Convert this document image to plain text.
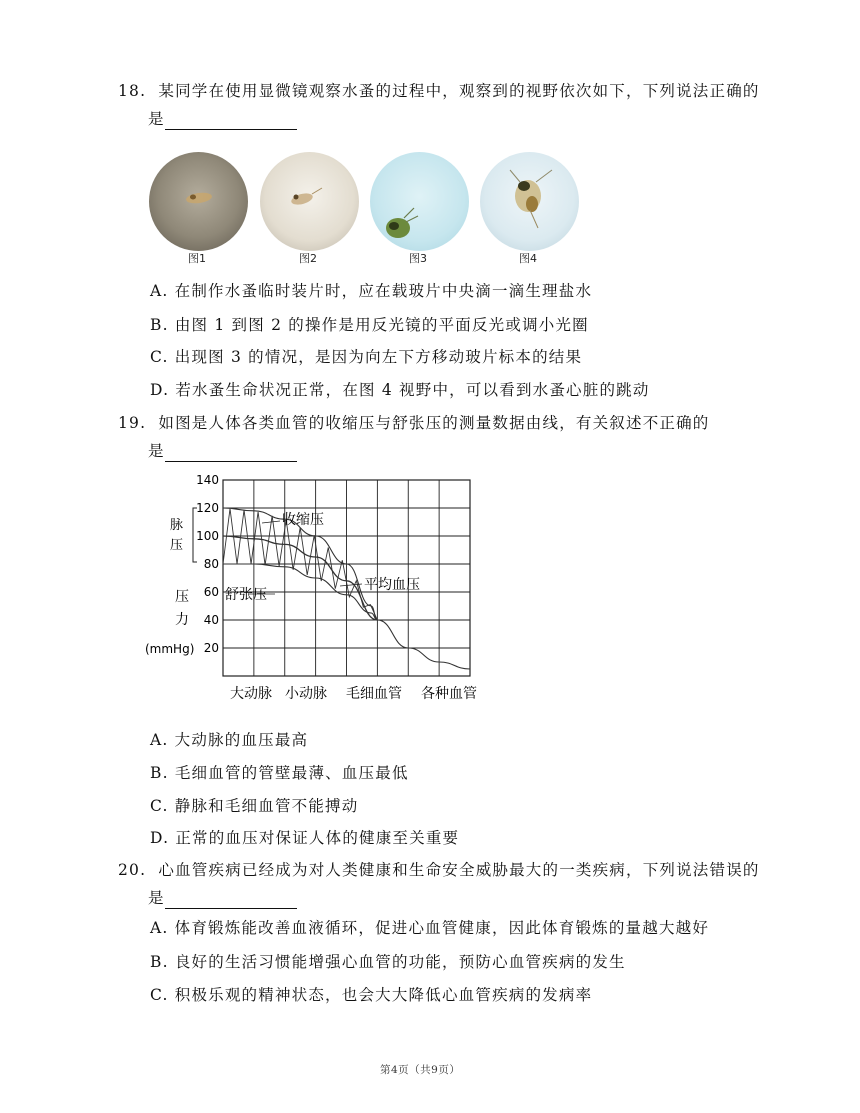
18. 某同学在使用显微镜观察水蚤的过程中，观察到的视野依次如下，下列说法正确的
是
图1	图2	图3	图4
A. 在制作水蚤临时装片时，应在载玻片中央滴一滴生理盐水
B. 由图 1 到图 2 的操作是用反光镜的平面反光或调小光圈
C. 出现图 3 的情况，是因为向左下方移动玻片标本的结果
D. 若水蚤生命状况正常，在图 4 视野中，可以看到水蚤心脏的跳动
19. 如图是人体各类血管的收缩压与舒张压的测量数据由线，有关叙述不正确的
是
140
120
100
80
60
40
20
脉
压
压
力
(mmHg)
收缩压
舒张压
平均血压
大动脉 小动脉 毛细血管 各种血管
A. 大动脉的血压最高
B. 毛细血管的管壁最薄、血压最低
C. 静脉和毛细血管不能搏动
D. 正常的血压对保证人体的健康至关重要
20. 心血管疾病已经成为对人类健康和生命安全威胁最大的一类疾病，下列说法错误的
是
A. 体育锻炼能改善血液循环，促进心血管健康，因此体育锻炼的量越大越好
B. 良好的生活习惯能增强心血管的功能，预防心血管疾病的发生
C. 积极乐观的精神状态，也会大大降低心血管疾病的发病率
第4页（共9页）
